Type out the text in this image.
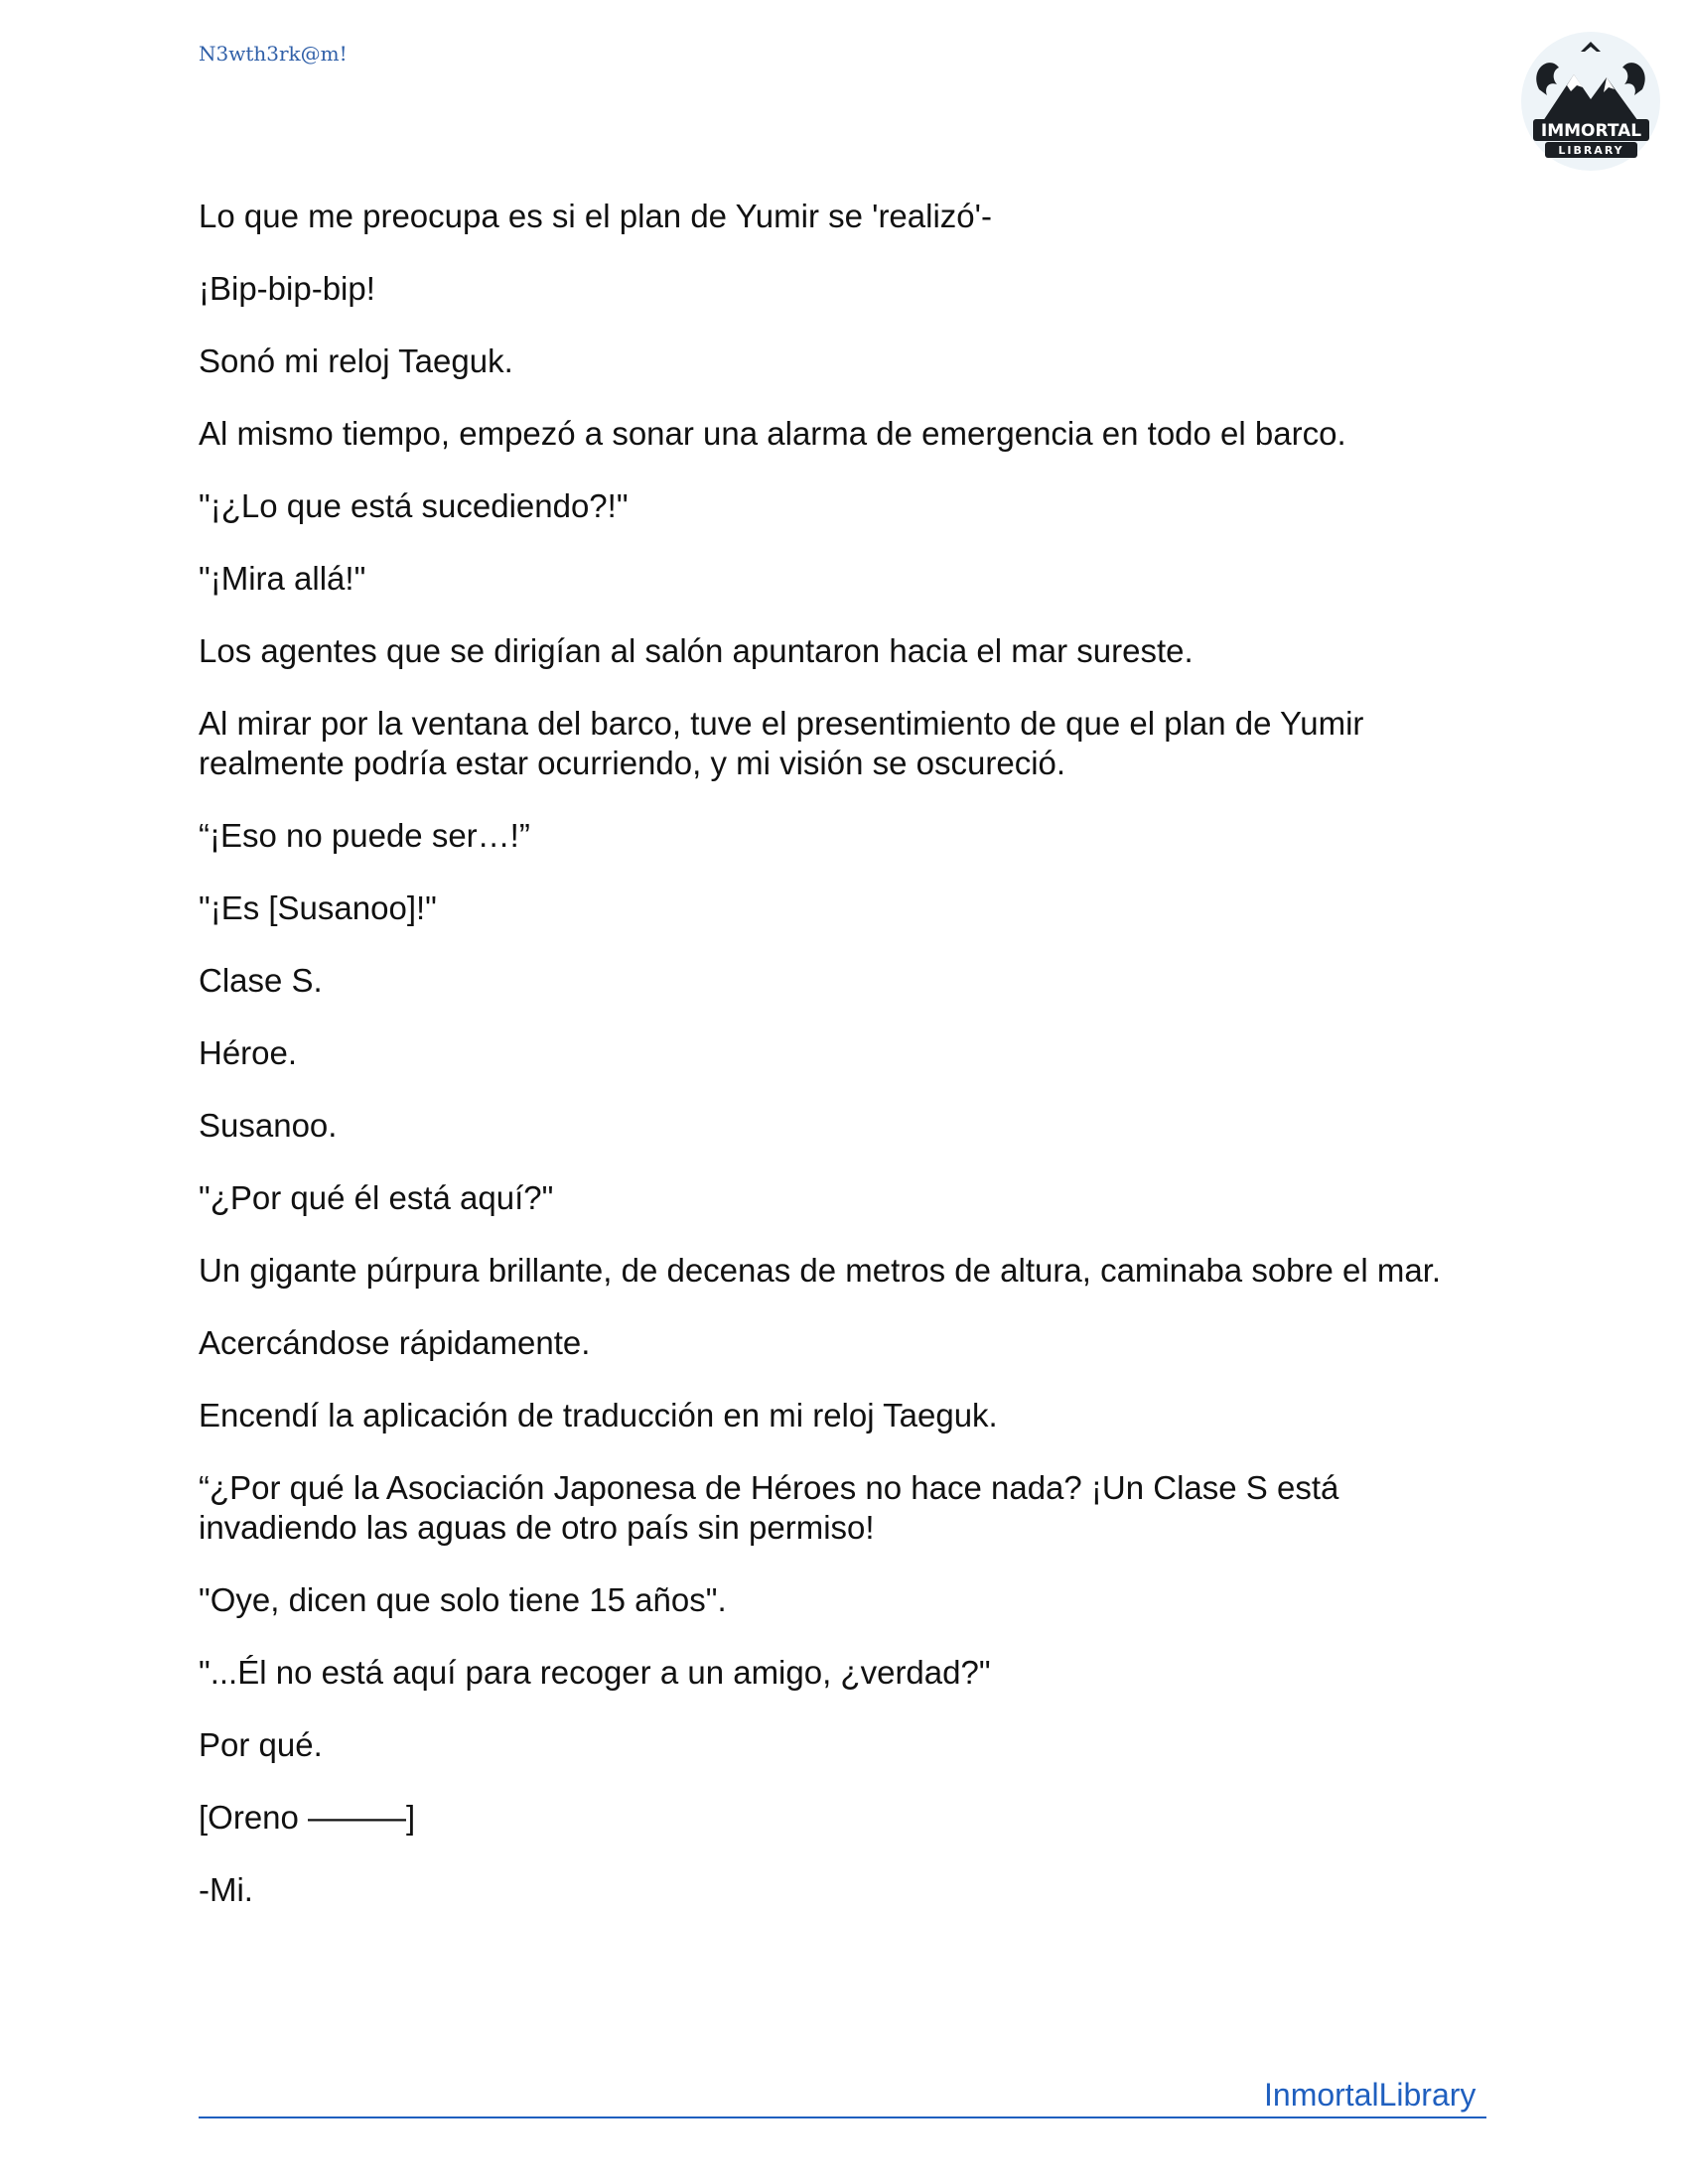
N3wth3rk@m!
IMMORTAL
LIBRARY

Lo que me preocupa es si el plan de Yumir se 'realizó'-

¡Bip-bip-bip!

Sonó mi reloj Taeguk.

Al mismo tiempo, empezó a sonar una alarma de emergencia en todo el barco.

"¡¿Lo que está sucediendo?!"

"¡Mira allá!"

Los agentes que se dirigían al salón apuntaron hacia el mar sureste.

Al mirar por la ventana del barco, tuve el presentimiento de que el plan de Yumir realmente podría estar ocurriendo, y mi visión se oscureció.

“¡Eso no puede ser…!”

"¡Es [Susanoo]!"

Clase S.

Héroe.

Susanoo.

"¿Por qué él está aquí?"

Un gigante púrpura brillante, de decenas de metros de altura, caminaba sobre el mar.

Acercándose rápidamente.

Encendí la aplicación de traducción en mi reloj Taeguk.

“¿Por qué la Asociación Japonesa de Héroes no hace nada? ¡Un Clase S está invadiendo las aguas de otro país sin permiso!

"Oye, dicen que solo tiene 15 años".

"...Él no está aquí para recoger a un amigo, ¿verdad?"

Por qué.

[Oreno ———]

-Mi.

InmortalLibrary
